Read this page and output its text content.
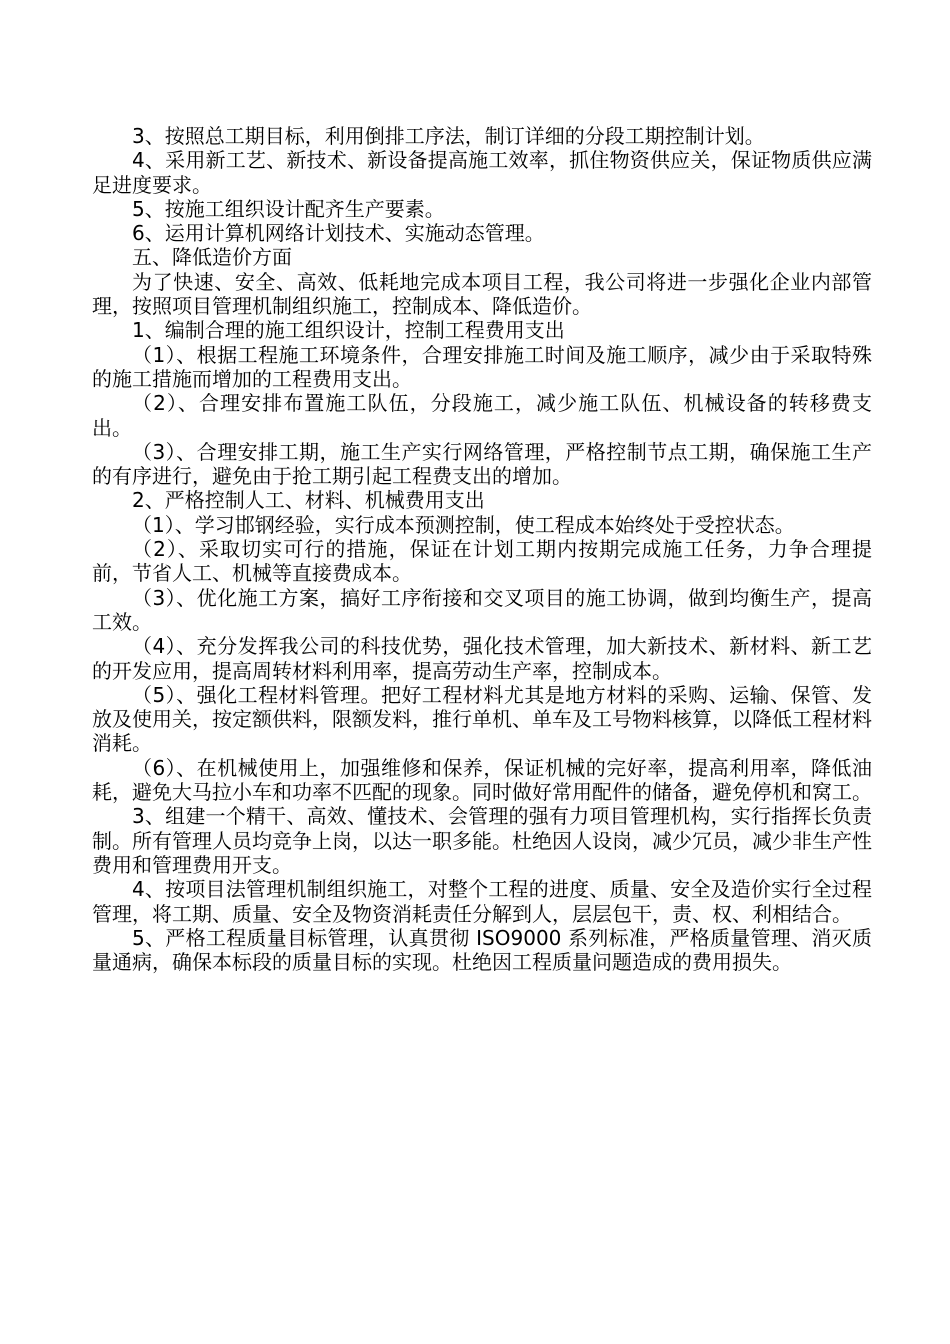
3、按照总工期目标，利用倒排工序法，制订详细的分段工期控制计划。

4、采用新工艺、新技术、新设备提高施工效率，抓住物资供应关，保证物质供应满足进度要求。

5、按施工组织设计配齐生产要素。

6、运用计算机网络计划技术、实施动态管理。

五、降低造价方面

为了快速、安全、高效、低耗地完成本项目工程，我公司将进一步强化企业内部管理，按照项目管理机制组织施工，控制成本、降低造价。

1、编制合理的施工组织设计，控制工程费用支出

（1）、根据工程施工环境条件，合理安排施工时间及施工顺序，减少由于采取特殊的施工措施而增加的工程费用支出。

（2）、合理安排布置施工队伍，分段施工，减少施工队伍、机械设备的转移费支出。

（3）、合理安排工期，施工生产实行网络管理，严格控制节点工期，确保施工生产的有序进行，避免由于抢工期引起工程费支出的增加。

2、严格控制人工、材料、机械费用支出

（1）、学习邯钢经验，实行成本预测控制，使工程成本始终处于受控状态。

（2）、采取切实可行的措施，保证在计划工期内按期完成施工任务，力争合理提前，节省人工、机械等直接费成本。

（3）、优化施工方案，搞好工序衔接和交叉项目的施工协调，做到均衡生产，提高工效。

（4）、充分发挥我公司的科技优势，强化技术管理，加大新技术、新材料、新工艺的开发应用，提高周转材料利用率，提高劳动生产率，控制成本。

（5）、强化工程材料管理。把好工程材料尤其是地方材料的采购、运输、保管、发放及使用关，按定额供料，限额发料，推行单机、单车及工号物料核算，以降低工程材料消耗。

（6）、在机械使用上，加强维修和保养，保证机械的完好率，提高利用率，降低油耗，避免大马拉小车和功率不匹配的现象。同时做好常用配件的储备，避免停机和窝工。

3、组建一个精干、高效、懂技术、会管理的强有力项目管理机构，实行指挥长负责制。所有管理人员均竞争上岗，以达一职多能。杜绝因人设岗，减少冗员，减少非生产性费用和管理费用开支。

4、按项目法管理机制组织施工，对整个工程的进度、质量、安全及造价实行全过程管理，将工期、质量、安全及物资消耗责任分解到人，层层包干，责、权、利相结合。

5、严格工程质量目标管理，认真贯彻 ISO9000 系列标准，严格质量管理、消灭质量通病，确保本标段的质量目标的实现。杜绝因工程质量问题造成的费用损失。
